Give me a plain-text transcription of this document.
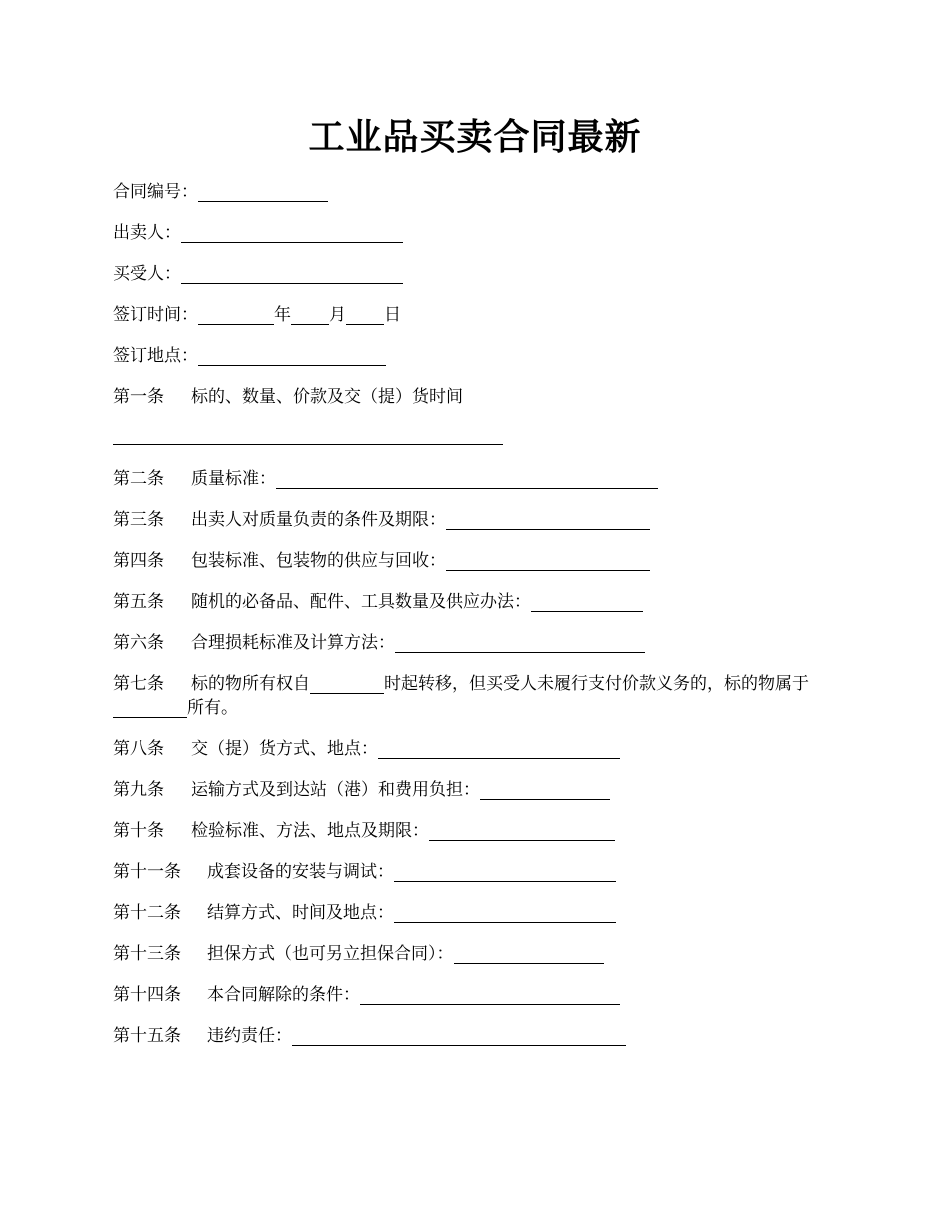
工业品买卖合同最新
合同编号：
出卖人：
买受人：
签订时间：	年 月 日
签订地点：
第一条 标的、数量、价款及交（提）货时间
第二条 质量标准：
第三条 出卖人对质量负责的条件及期限：
第四条 包装标准、包装物的供应与回收：
第五条 随机的必备品、配件、工具数量及供应办法：
第六条 合理损耗标准及计算方法：
第七条 标的物所有权自	时起转移，但买受人未履行支付价款义务的，标的物属于所有。
第八条 交（提）货方式、地点：
第九条 运输方式及到达站（港）和费用负担：
第十条 检验标准、方法、地点及期限：
第十一条 成套设备的安装与调试：
第十二条 结算方式、时间及地点：
第十三条 担保方式（也可另立担保合同）：
第十四条 本合同解除的条件：
第十五条 违约责任：
